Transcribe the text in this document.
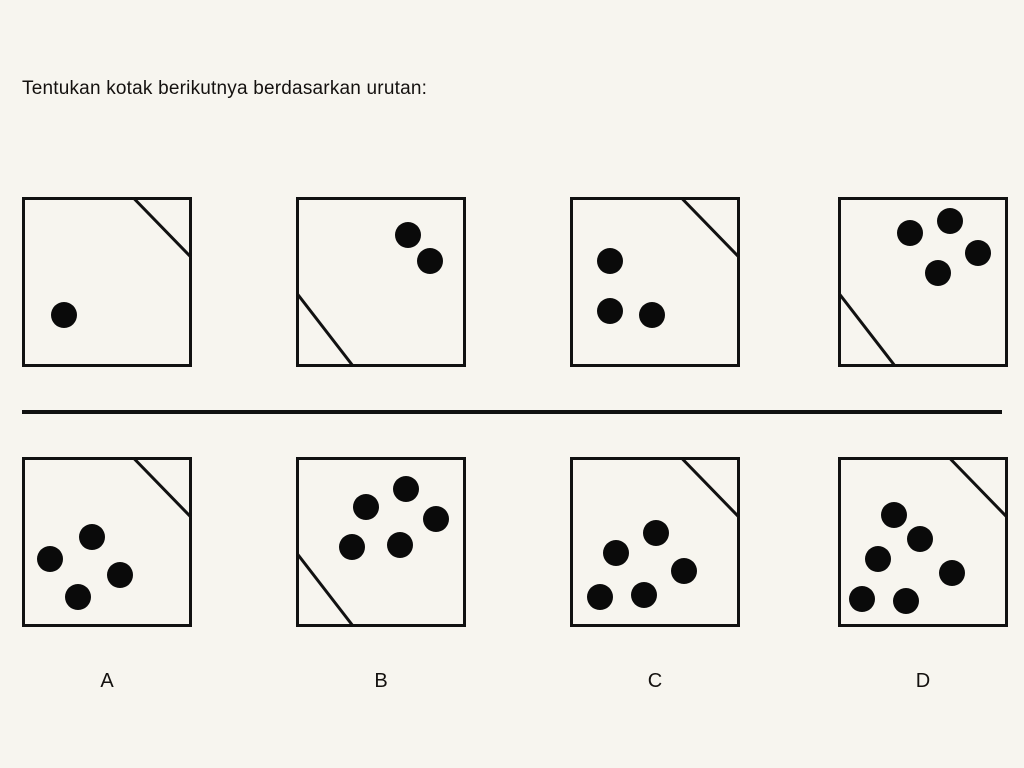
Tentukan kotak berikutnya berdasarkan urutan:
A	B	C	D
